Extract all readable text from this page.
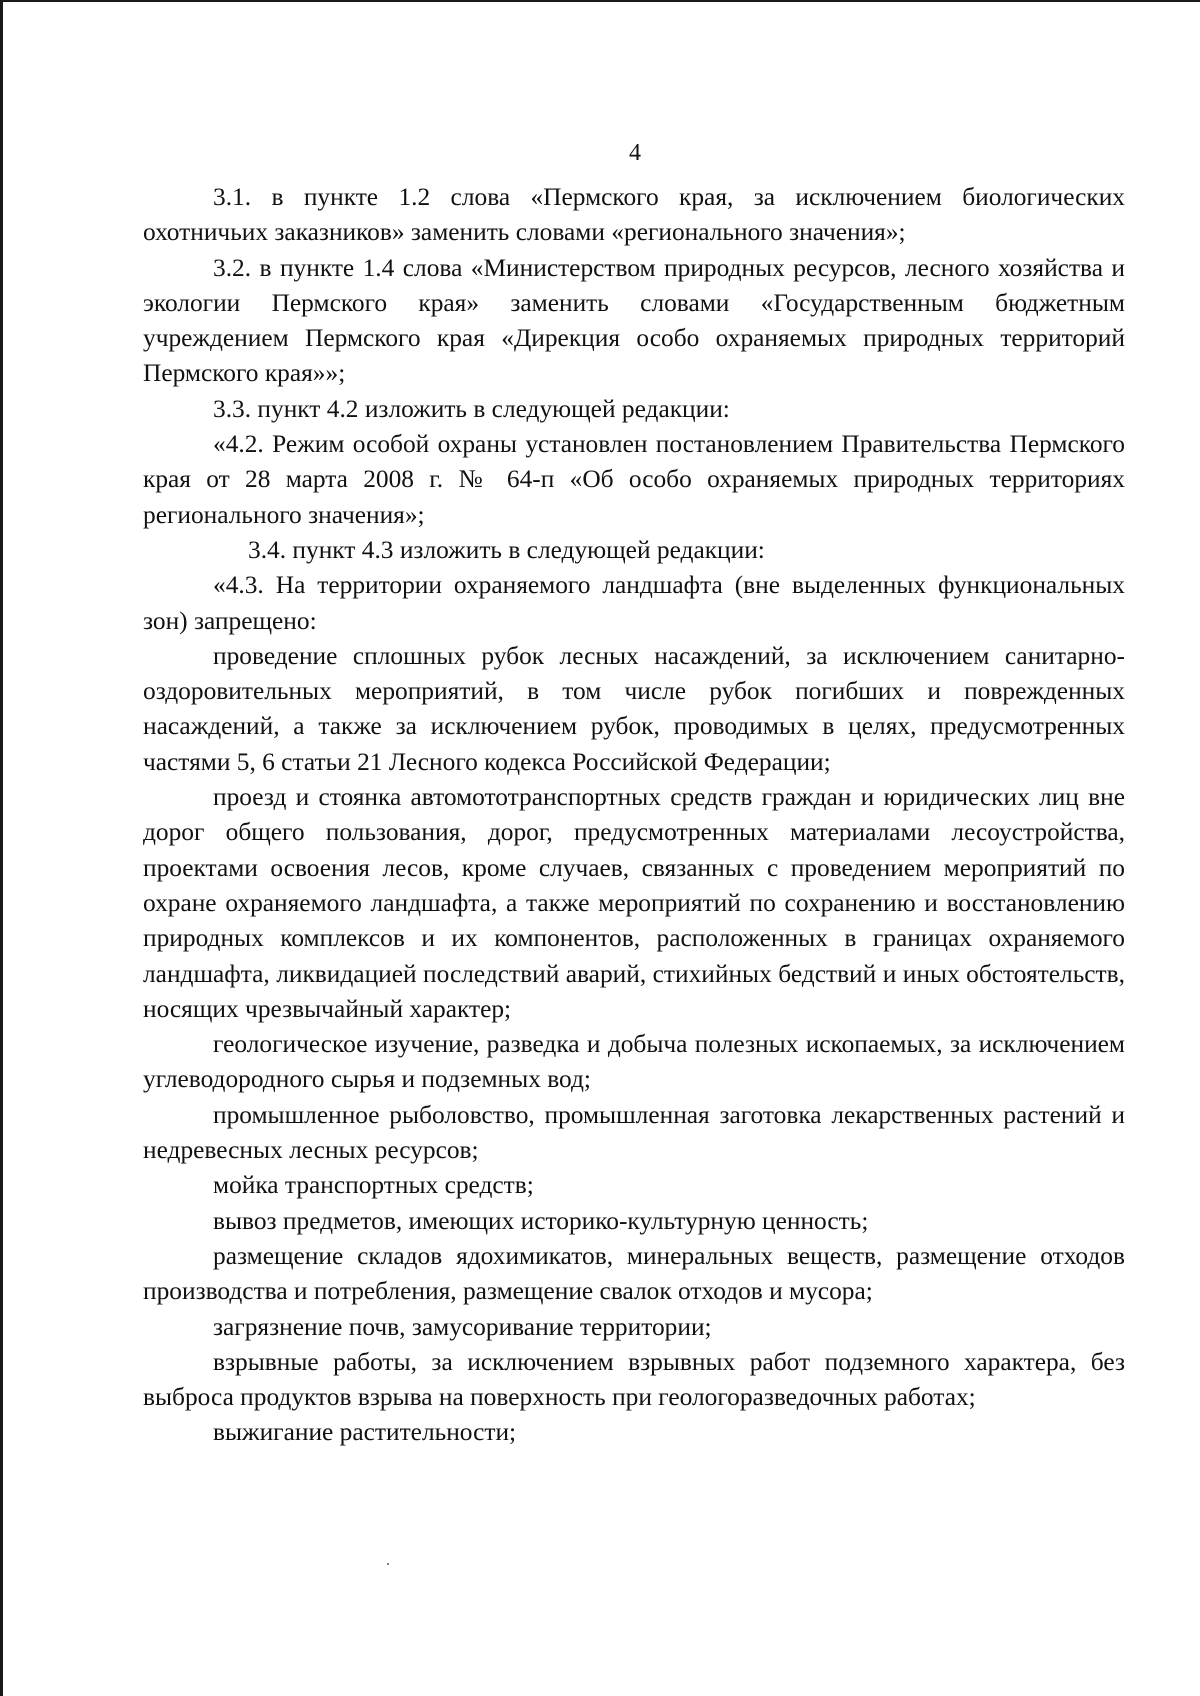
4

3.1. в пункте 1.2 слова «Пермского края, за исключением биологических охотничьих заказников» заменить словами «регионального значения»;

3.2. в пункте 1.4 слова «Министерством природных ресурсов, лесного хозяйства и экологии Пермского края» заменить словами «Государственным бюджетным учреждением Пермского края «Дирекция особо охраняемых природных территорий Пермского края»»;

3.3. пункт 4.2 изложить в следующей редакции:

«4.2. Режим особой охраны установлен постановлением Правительства Пермского края от 28 марта 2008 г. № 64-п «Об особо охраняемых природных территориях регионального значения»;

3.4. пункт 4.3 изложить в следующей редакции:

«4.3. На территории охраняемого ландшафта (вне выделенных функциональных зон) запрещено:

проведение сплошных рубок лесных насаждений, за исключением санитарно-оздоровительных мероприятий, в том числе рубок погибших и поврежденных насаждений, а также за исключением рубок, проводимых в целях, предусмотренных частями 5, 6 статьи 21 Лесного кодекса Российской Федерации;

проезд и стоянка автомототранспортных средств граждан и юридических лиц вне дорог общего пользования, дорог, предусмотренных материалами лесоустройства, проектами освоения лесов, кроме случаев, связанных с проведением мероприятий по охране охраняемого ландшафта, а также мероприятий по сохранению и восстановлению природных комплексов и их компонентов, расположенных в границах охраняемого ландшафта, ликвидацией последствий аварий, стихийных бедствий и иных обстоятельств, носящих чрезвычайный характер;

геологическое изучение, разведка и добыча полезных ископаемых, за исключением углеводородного сырья и подземных вод;

промышленное рыболовство, промышленная заготовка лекарственных растений и недревесных лесных ресурсов;

мойка транспортных средств;

вывоз предметов, имеющих историко-культурную ценность;

размещение складов ядохимикатов, минеральных веществ, размещение отходов производства и потребления, размещение свалок отходов и мусора;

загрязнение почв, замусоривание территории;

взрывные работы, за исключением взрывных работ подземного характера, без выброса продуктов взрыва на поверхность при геологоразведочных работах;

выжигание растительности;
